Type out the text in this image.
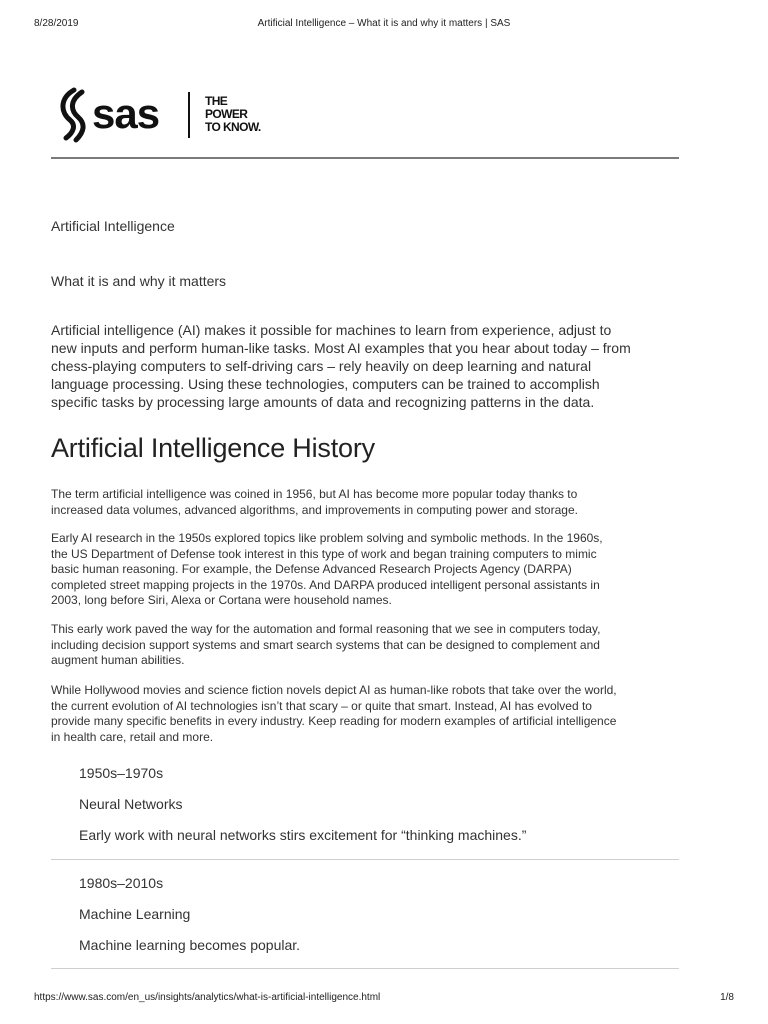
8/28/2019	Artificial Intelligence – What it is and why it matters | SAS
sas	THE
POWER
TO KNOW.
Artificial Intelligence
What it is and why it matters
Artificial intelligence (AI) makes it possible for machines to learn from experience, adjust to
new inputs and perform human-like tasks. Most AI examples that you hear about today – from
chess-playing computers to self-driving cars – rely heavily on deep learning and natural
language processing. Using these technologies, computers can be trained to accomplish
specific tasks by processing large amounts of data and recognizing patterns in the data.
Artificial Intelligence History
The term artificial intelligence was coined in 1956, but AI has become more popular today thanks to
increased data volumes, advanced algorithms, and improvements in computing power and storage.
Early AI research in the 1950s explored topics like problem solving and symbolic methods. In the 1960s,
the US Department of Defense took interest in this type of work and began training computers to mimic
basic human reasoning. For example, the Defense Advanced Research Projects Agency (DARPA)
completed street mapping projects in the 1970s. And DARPA produced intelligent personal assistants in
2003, long before Siri, Alexa or Cortana were household names.
This early work paved the way for the automation and formal reasoning that we see in computers today,
including decision support systems and smart search systems that can be designed to complement and
augment human abilities.
While Hollywood movies and science fiction novels depict AI as human-like robots that take over the world,
the current evolution of AI technologies isn’t that scary – or quite that smart. Instead, AI has evolved to
provide many specific benefits in every industry. Keep reading for modern examples of artificial intelligence
in health care, retail and more.
1950s–1970s
Neural Networks
Early work with neural networks stirs excitement for “thinking machines.”
1980s–2010s
Machine Learning
Machine learning becomes popular.
https://www.sas.com/en_us/insights/analytics/what-is-artificial-intelligence.html	1/8
